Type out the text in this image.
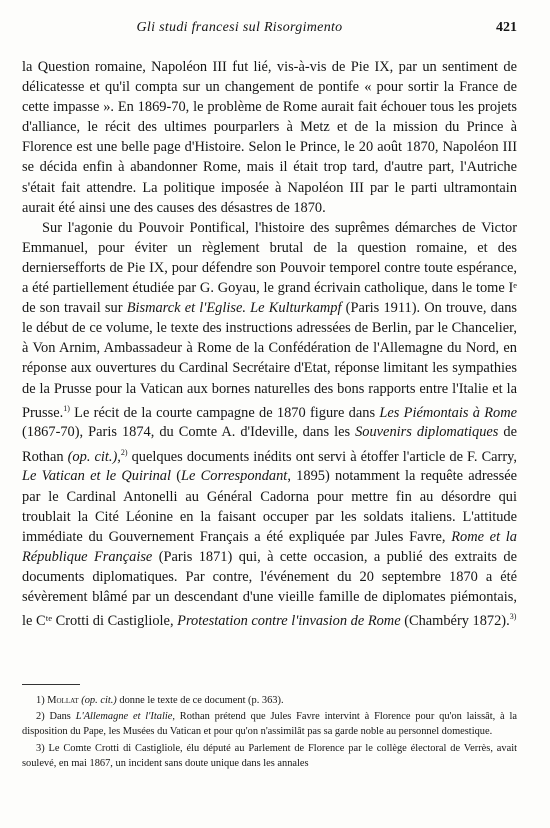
Gli studi francesi sul Risorgimento	421

la Question romaine, Napoléon III fut lié, vis-à-vis de Pie IX, par un sentiment de délicatesse et qu'il compta sur un changement de pontife « pour sortir la France de cette impasse ». En 1869-70, le problème de Rome aurait fait échouer tous les projets d'alliance, le récit des ultimes pourparlers à Metz et de la mission du Prince à Florence est une belle page d'Histoire. Selon le Prince, le 20 août 1870, Napoléon III se décida enfin à abandonner Rome, mais il était trop tard, d'autre part, l'Autriche s'était fait attendre. La politique imposée à Napoléon III par le parti ultramontain aurait été ainsi une des causes des désastres de 1870.

Sur l'agonie du Pouvoir Pontifical, l'histoire des suprêmes démarches de Victor Emmanuel, pour éviter un règlement brutal de la question romaine, et des derniersefforts de Pie IX, pour défendre son Pouvoir temporel contre toute espérance, a été partiellement étudiée par G. Goyau, le grand écrivain catholique, dans le tome Iᵉ de son travail sur Bismarck et l'Eglise. Le Kulturkampf (Paris 1911). On trouve, dans le début de ce volume, le texte des instructions adressées de Berlin, par le Chancelier, à Von Arnim, Ambassadeur à Rome de la Confédération de l'Allemagne du Nord, en réponse aux ouvertures du Cardinal Secrétaire d'Etat, réponse limitant les sympathies de la Prusse pour la Vatican aux bornes naturelles des bons rapports entre l'Italie et la Prusse.$^{1)}$ Le récit de la courte campagne de 1870 figure dans Les Piémontais à Rome (1867-70), Paris 1874, du Comte A. d'Ideville, dans les Souvenirs diplomatiques de Rothan (op. cit.),$^{2)}$ quelques documents inédits ont servi à étoffer l'article de F. Carry, Le Vatican et le Quirinal (Le Correspondant, 1895) notamment la requête adressée par le Cardinal Antonelli au Général Cadorna pour mettre fin au désordre qui troublait la Cité Léonine en la faisant occuper par les soldats italiens. L'attitude immédiate du Gouvernement Français a été expliquée par Jules Favre, Rome et la République Française (Paris 1871) qui, à cette occasion, a publié des extraits de documents diplomatiques. Par contre, l'événement du 20 septembre 1870 a été sévèrement blâmé par un descendant d'une vieille famille de diplomates piémontais, le Cᵗᵉ Crotti di Castigliole, Protestation contre l'invasion de Rome (Chambéry 1872).$^{3)}$

1) Mollat (op. cit.) donne le texte de ce document (p. 363).

2) Dans L'Allemagne et l'Italie, Rothan prétend que Jules Favre intervint à Florence pour qu'on laissât, à la disposition du Pape, les Musées du Vatican et pour qu'on n'assimilât pas sa garde noble au personnel domestique.

3) Le Comte Crotti di Castigliole, élu député au Parlement de Florence par le collège électoral de Verrès, avait soulevé, en mai 1867, un incident sans doute unique dans les annales
